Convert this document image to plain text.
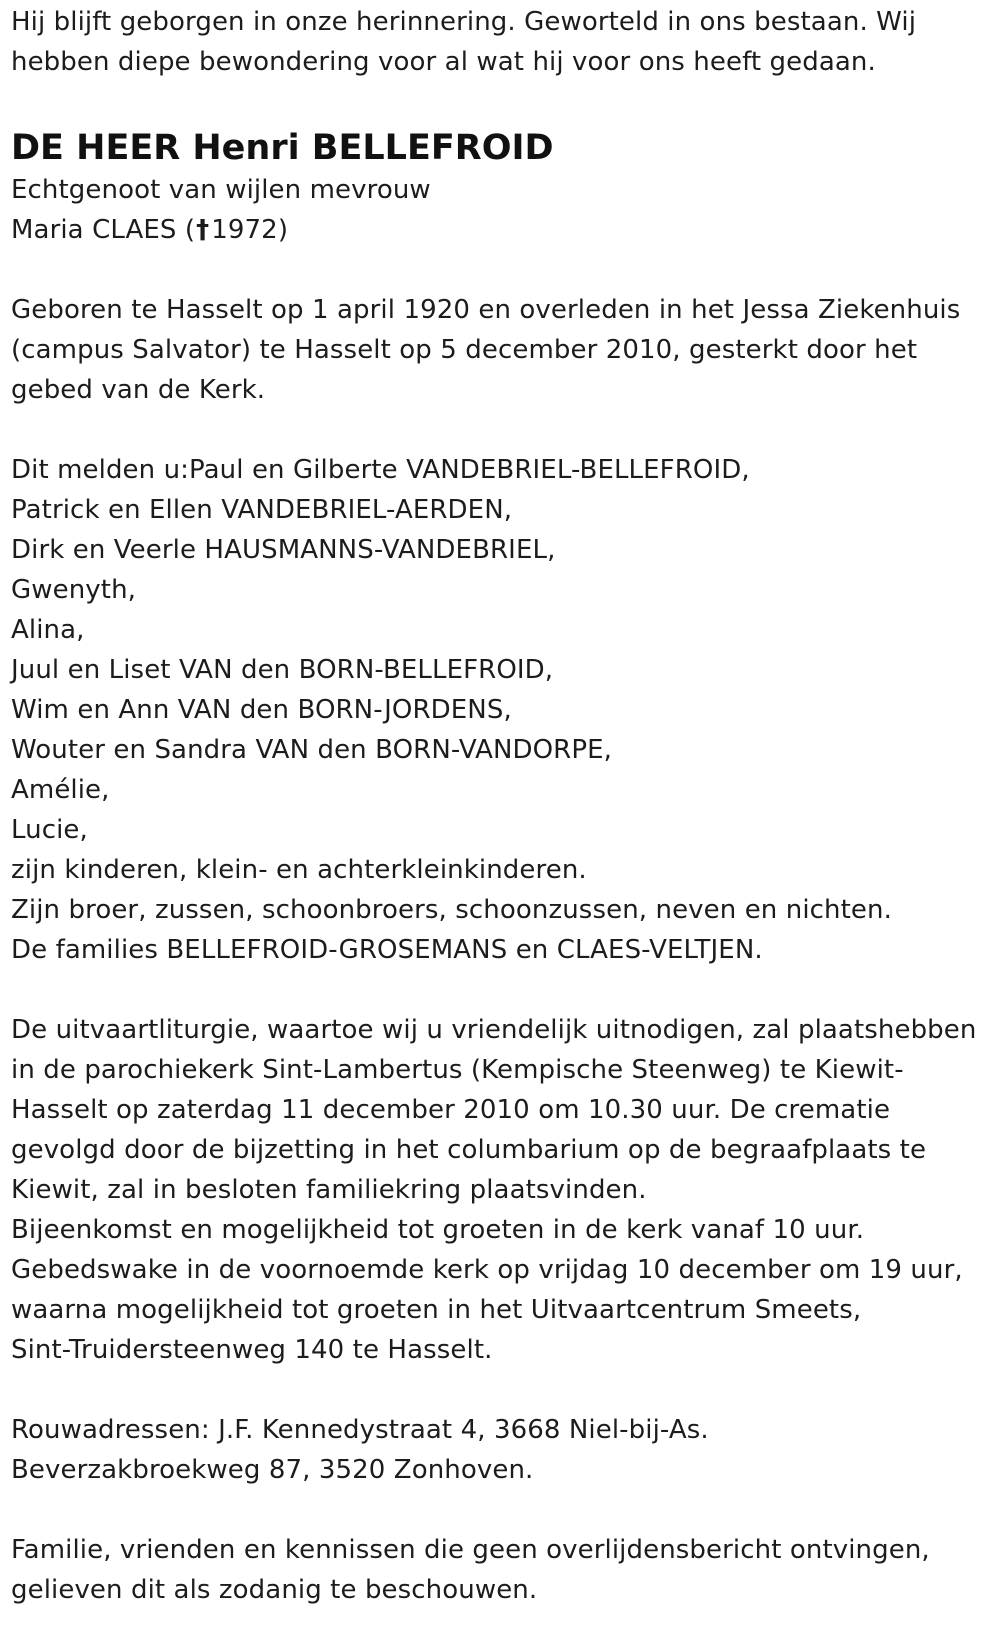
Hij blijft geborgen in onze herinnering. Geworteld in ons bestaan. Wij
hebben diepe bewondering voor al wat hij voor ons heeft gedaan.
DE HEER Henri BELLEFROID
Echtgenoot van wijlen mevrouw
Maria CLAES (†1972)
Geboren te Hasselt op 1 april 1920 en overleden in het Jessa Ziekenhuis
(campus Salvator) te Hasselt op 5 december 2010, gesterkt door het
gebed van de Kerk.
Dit melden u:Paul en Gilberte VANDEBRIEL-BELLEFROID,
Patrick en Ellen VANDEBRIEL-AERDEN,
Dirk en Veerle HAUSMANNS-VANDEBRIEL,
Gwenyth,
Alina,
Juul en Liset VAN den BORN-BELLEFROID,
Wim en Ann VAN den BORN-JORDENS,
Wouter en Sandra VAN den BORN-VANDORPE,
Amélie,
Lucie,
zijn kinderen, klein- en achterkleinkinderen.
Zijn broer, zussen, schoonbroers, schoonzussen, neven en nichten.
De families BELLEFROID-GROSEMANS en CLAES-VELTJEN.
De uitvaartliturgie, waartoe wij u vriendelijk uitnodigen, zal plaatshebben
in de parochiekerk Sint-Lambertus (Kempische Steenweg) te Kiewit-
Hasselt op zaterdag 11 december 2010 om 10.30 uur. De crematie
gevolgd door de bijzetting in het columbarium op de begraafplaats te
Kiewit, zal in besloten familiekring plaatsvinden.
Bijeenkomst en mogelijkheid tot groeten in de kerk vanaf 10 uur.
Gebedswake in de voornoemde kerk op vrijdag 10 december om 19 uur,
waarna mogelijkheid tot groeten in het Uitvaartcentrum Smeets,
Sint-Truidersteenweg 140 te Hasselt.
Rouwadressen: J.F. Kennedystraat 4, 3668 Niel-bij-As.
Beverzakbroekweg 87, 3520 Zonhoven.
Familie, vrienden en kennissen die geen overlijdensbericht ontvingen,
gelieven dit als zodanig te beschouwen.
